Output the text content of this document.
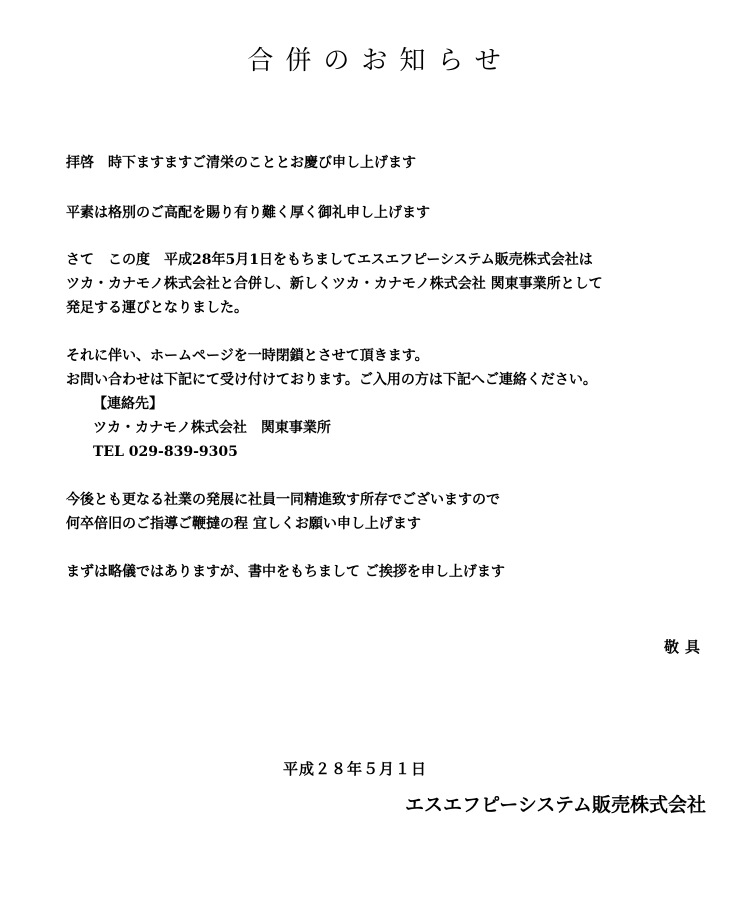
合併のお知らせ
拝啓　時下ますますご清栄のこととお慶び申し上げます
平素は格別のご高配を賜り有り難く厚く御礼申し上げます
さて　この度　平成28年5月1日をもちましてエスエフピーシステム販売株式会社は
ツカ・カナモノ株式会社と合併し、新しくツカ・カナモノ株式会社 関東事業所として
発足する運びとなりました。
それに伴い、ホームページを一時閉鎖とさせて頂きます。
お問い合わせは下記にて受け付けております。ご入用の方は下記へご連絡ください。
【連絡先】
ツカ・カナモノ株式会社　関東事業所
TEL 029-839-9305
今後とも更なる社業の発展に社員一同精進致す所存でございますので
何卒倍旧のご指導ご鞭撻の程 宜しくお願い申し上げます
まずは略儀ではありますが、書中をもちまして ご挨拶を申し上げます
敬具
平成２８年５月１日
エスエフピーシステム販売株式会社
